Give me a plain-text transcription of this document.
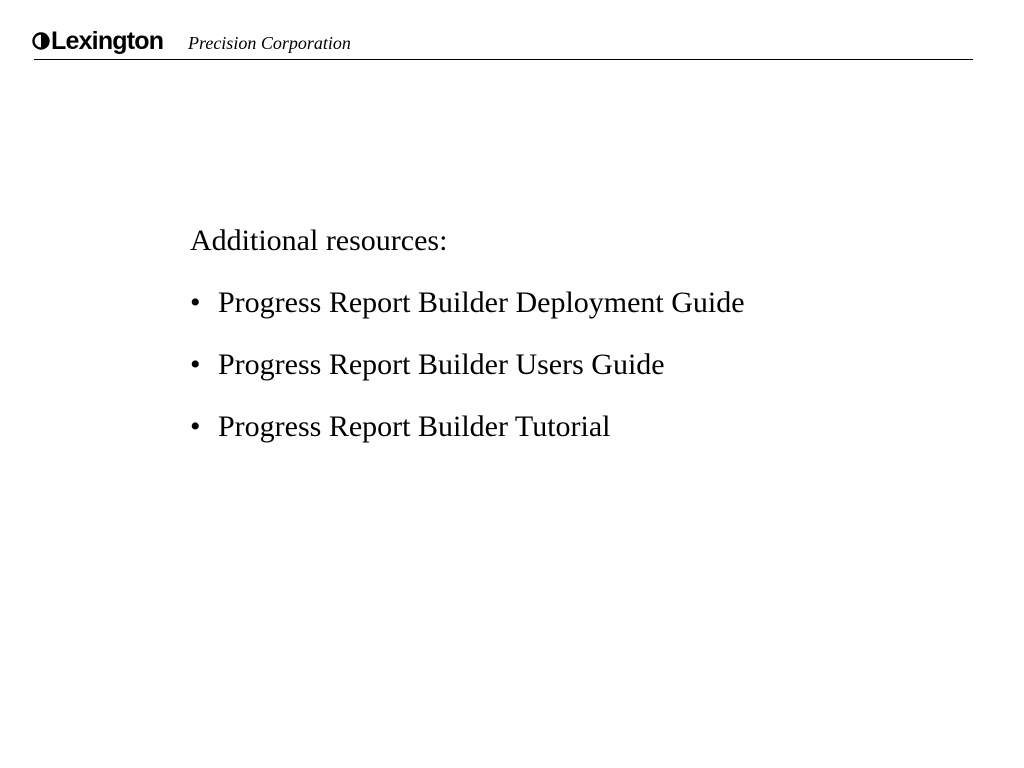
Lexington Precision Corporation
Additional resources:
• Progress Report Builder Deployment Guide
• Progress Report Builder Users Guide
• Progress Report Builder Tutorial
